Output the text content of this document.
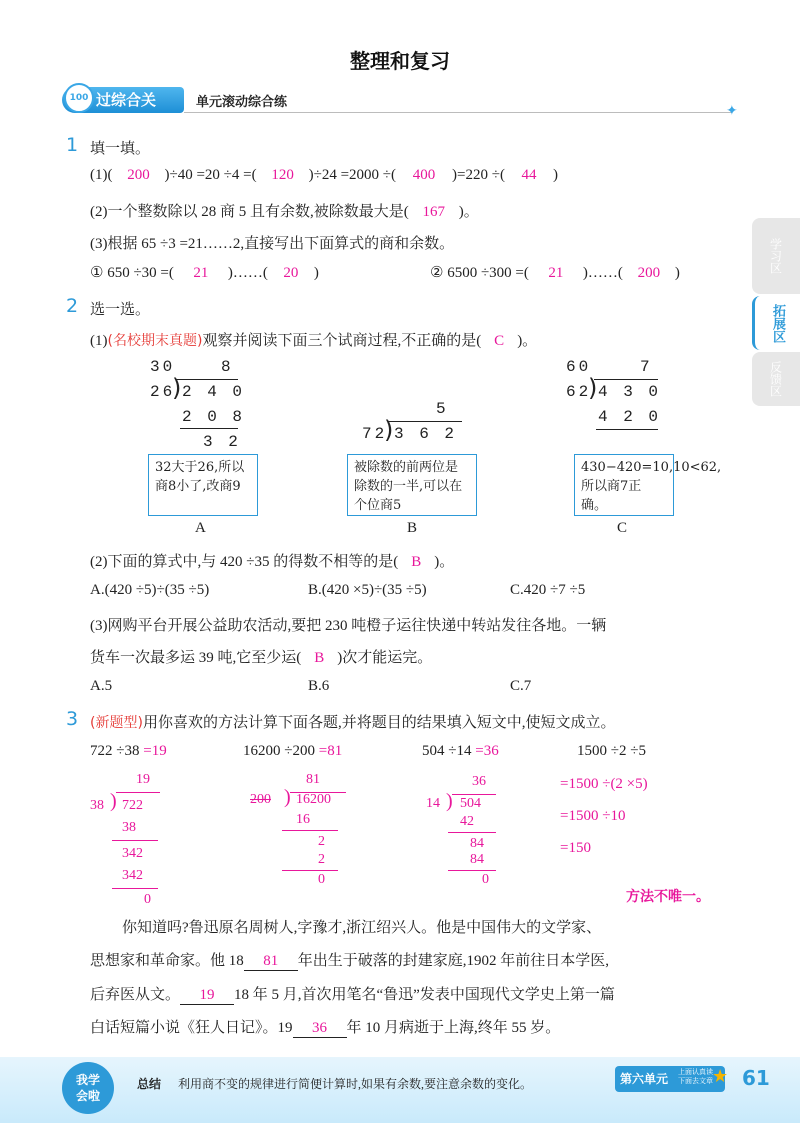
整理和复习
过综合关
100	单元滚动综合练
✦
学习区
拓展区
反馈区
1 填一填。
(1)( 200 )÷40 =20 ÷4 =( 120 )÷24 =2000 ÷( 400 )=220 ÷( 44 )
(2)一个整数除以 28 商 5 且有余数,被除数最大是( 167 )。
(3)根据 65 ÷3 =21……2,直接写出下面算式的商和余数。
① 650 ÷30 =( 21 )……( 20 )	② 6500 ÷300 =( 21 )……( 200 )
2 选一选。
(1)(名校期末真题)观察并阅读下面三个试商过程,不正确的是( C )。
30	8
26
) 2 4 0
2 0 8
3 2
5
72
) 3 6 2
60	7
62
) 4 3 0
4 2 0
32大于26,所以商8小了,改商9
被除数的前两位是除数的一半,可以在个位商5
430−420=10,10<62,所以商7正确。
A	B	C
(2)下面的算式中,与 420 ÷35 的得数不相等的是( B )。
A.(420 ÷5)÷(35 ÷5)	B.(420 ×5)÷(35 ÷5)	C.420 ÷7 ÷5
(3)网购平台开展公益助农活动,要把 230 吨橙子运往快递中转站发往各地。一辆
货车一次最多运 39 吨,它至少运( B )次才能运完。
A.5	B.6	C.7
3 (新题型)用你喜欢的方法计算下面各题,并将题目的结果填入短文中,使短文成立。
722 ÷38 =19	16200 ÷200 =81	504 ÷14 =36	1500 ÷2 ÷5
19
38 ) 722
38
342
342
0
81
200 ) 16200
16
2
2
0
36
14 ) 504
42
84
84
0
=1500 ÷(2 ×5)
=1500 ÷10
=150
方法不唯一。
你知道吗?鲁迅原名周树人,字豫才,浙江绍兴人。他是中国伟大的文学家、
思想家和革命家。他 18 81 年出生于破落的封建家庭,1902 年前往日本学医,
后弃医从文。 19 18 年 5 月,首次用笔名“鲁迅”发表中国现代文学史上第一篇
白话短篇小说《狂人日记》。19 36 年 10 月病逝于上海,终年 55 岁。
我学
会啦
总结 利用商不变的规律进行简便计算时,如果有余数,要注意余数的变化。	第六单元 上面认真读
下面去文章 ★ 61
